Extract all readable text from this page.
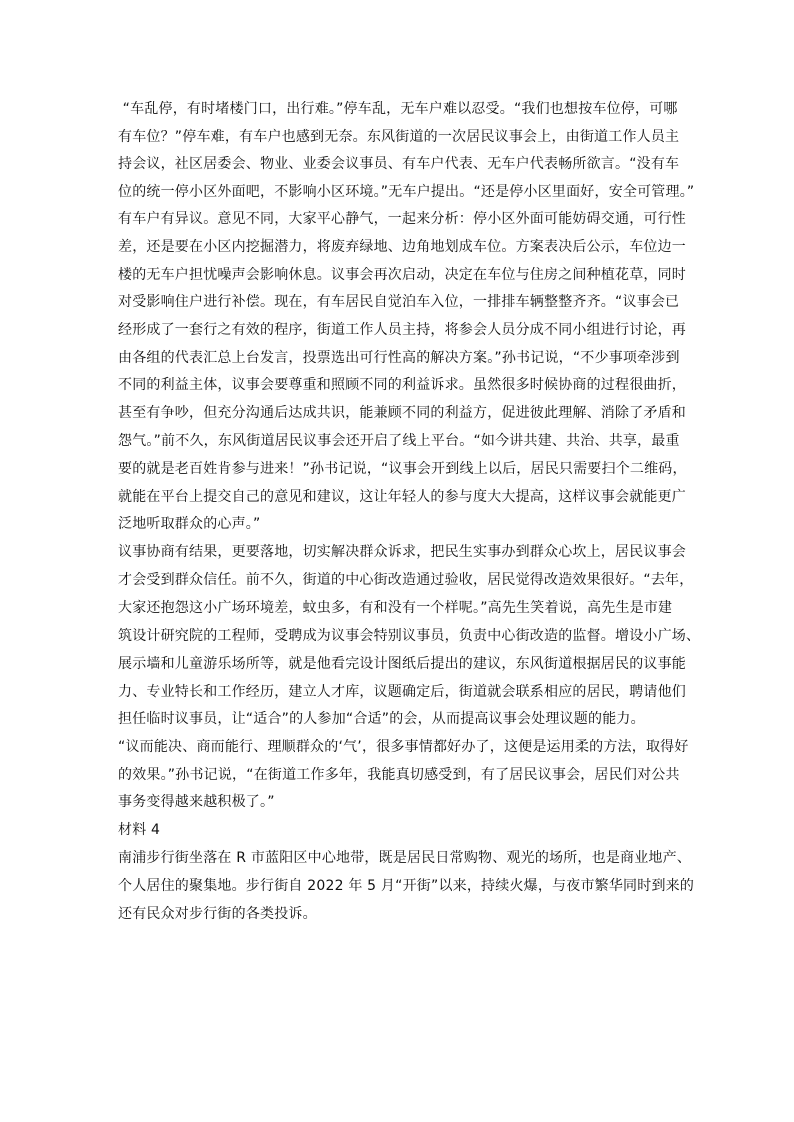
“车乱停，有时堵楼门口，出行难。”停车乱，无车户难以忍受。“我们也想按车位停，可哪
有车位？”停车难，有车户也感到无奈。东风街道的一次居民议事会上，由街道工作人员主
持会议，社区居委会、物业、业委会议事员、有车户代表、无车户代表畅所欲言。“没有车
位的统一停小区外面吧，不影响小区环境。”无车户提出。“还是停小区里面好，安全可管理。”
有车户有异议。意见不同，大家平心静气，一起来分析：停小区外面可能妨碍交通，可行性
差，还是要在小区内挖掘潜力，将废弃绿地、边角地划成车位。方案表决后公示，车位边一
楼的无车户担忧噪声会影响休息。议事会再次启动，决定在车位与住房之间种植花草，同时
对受影响住户进行补偿。现在，有车居民自觉泊车入位，一排排车辆整整齐齐。“议事会已
经形成了一套行之有效的程序，街道工作人员主持，将参会人员分成不同小组进行讨论，再
由各组的代表汇总上台发言，投票选出可行性高的解决方案。”孙书记说，“不少事项牵涉到
不同的利益主体，议事会要尊重和照顾不同的利益诉求。虽然很多时候协商的过程很曲折，
甚至有争吵，但充分沟通后达成共识，能兼顾不同的利益方，促进彼此理解、消除了矛盾和
怨气。”前不久，东风街道居民议事会还开启了线上平台。“如今讲共建、共治、共享，最重
要的就是老百姓肯参与进来！”孙书记说，“议事会开到线上以后，居民只需要扫个二维码，
就能在平台上提交自己的意见和建议，这让年轻人的参与度大大提高，这样议事会就能更广
泛地听取群众的心声。”
议事协商有结果，更要落地，切实解决群众诉求，把民生实事办到群众心坎上，居民议事会
才会受到群众信任。前不久，街道的中心街改造通过验收，居民觉得改造效果很好。“去年，
大家还抱怨这小广场环境差，蚊虫多，有和没有一个样呢。”高先生笑着说，高先生是市建
筑设计研究院的工程师，受聘成为议事会特别议事员，负责中心街改造的监督。增设小广场、
展示墙和儿童游乐场所等，就是他看完设计图纸后提出的建议，东风街道根据居民的议事能
力、专业特长和工作经历，建立人才库，议题确定后，街道就会联系相应的居民，聘请他们
担任临时议事员，让“适合”的人参加“合适”的会，从而提高议事会处理议题的能力。
“议而能决、商而能行、理顺群众的‘气’，很多事情都好办了，这便是运用柔的方法，取得好
的效果。”孙书记说，“在街道工作多年，我能真切感受到，有了居民议事会，居民们对公共
事务变得越来越积极了。”
材料 4
南浦步行街坐落在 R 市蓝阳区中心地带，既是居民日常购物、观光的场所，也是商业地产、
个人居住的聚集地。步行街自 2022 年 5 月“开街”以来，持续火爆，与夜市繁华同时到来的
还有民众对步行街的各类投诉。
